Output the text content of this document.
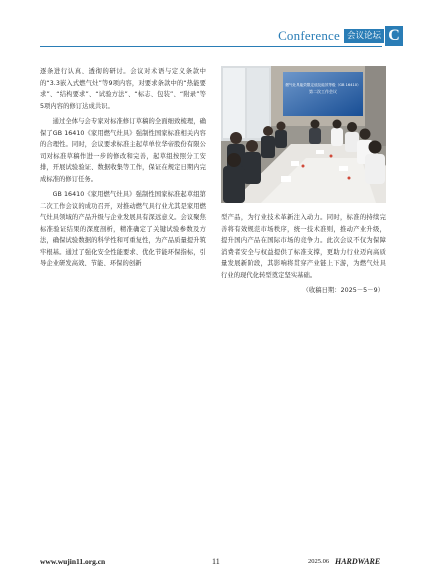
Conference 会议论坛 C

逐条进行认真、透彻的研讨。会议对术语与定义条款中的“3.3嵌入式燃气灶”等9项内容，对要求条款中的“热能要求”、“结构要求”、“试验方法”、“标志、包装”、“附录”等5项内容的修订达成共识。

通过全体与会专家对标准修订草稿的全面细致梳理，确保了GB 16410《家用燃气灶具》强制性国家标准相关内容的合理性。同时，会议要求标准主起草单位华帝股份有限公司对标准草稿作进一步的修改和完善，起草组按照分工安排，开展试验验证、数据收集等工作，保证在规定日期内完成标准的修订任务。

GB 16410《家用燃气灶具》强制性国家标准起草组第二次工作会议的成功召开，对推动燃气具行业尤其是家用燃气灶具领域的产品升级与企业发展具有深远意义。会议聚焦标准验证结果的深度剖析，精准确定了关键试验参数及方法，确保试验数据的科学性和可重复性，为产品质量提升筑牢根基。通过了强化安全性能要求、优化节能环保指标，引导企业研发高效、节能、环保的创新

燃气灶具能效限定值及能效等级（GB 16410）
第二次工作会议

型产品，为行业技术革新注入动力。同时，标准的持续完善将有效规范市场秩序，统一技术准则，推动产业升级，提升国内产品在国际市场的竞争力。此次会议不仅为保障消费者安全与权益提供了标准支撑，更助力行业迈向高质量发展新阶段，其影响将贯穿产业链上下游，为燃气灶具行业的现代化转型奠定坚实基础。

（收稿日期：2025－5－9）

www.wujin11.org.cn	11	2025.06 HARDWARE
